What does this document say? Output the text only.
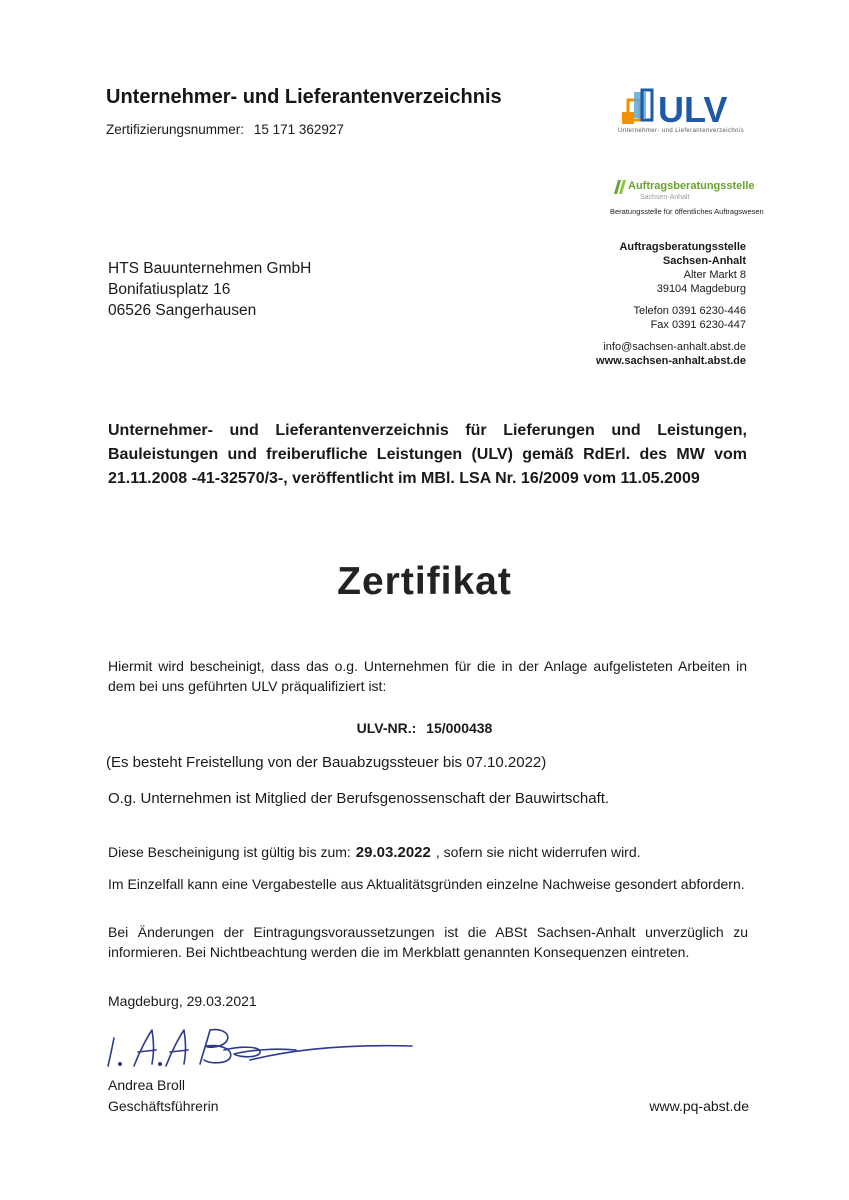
Unternehmer- und Lieferantenverzeichnis
Zertifizierungsnummer: 15 171 362927	ULV
Unternehmer- und Lieferantenverzeichnis
Auftragsberatungsstelle
Sachsen-Anhalt
Beratungsstelle für öffentliches Auftragswesen
Auftragsberatungsstelle
Sachsen-Anhalt
Alter Markt 8
39104 Magdeburg
Telefon 0391 6230-446
Fax 0391 6230-447
info@sachsen-anhalt.abst.de
www.sachsen-anhalt.abst.de
HTS Bauunternehmen GmbH
Bonifatiusplatz 16
06526 Sangerhausen
Unternehmer- und Lieferantenverzeichnis für Lieferungen und Leistungen, Bauleistungen und freiberufliche Leistungen (ULV) gemäß RdErl. des MW vom 21.11.2008 -41-32570/3-, veröffentlicht im MBl. LSA Nr. 16/2009 vom 11.05.2009
Zertifikat
Hiermit wird bescheinigt, dass das o.g. Unternehmen für die in der Anlage aufgelisteten Arbeiten in dem bei uns geführten ULV präqualifiziert ist:
ULV-NR.: 15/000438
(Es besteht Freistellung von der Bauabzugssteuer bis 07.10.2022)
O.g. Unternehmen ist Mitglied der Berufsgenossenschaft der Bauwirtschaft.
Diese Bescheinigung ist gültig bis zum: 29.03.2022 , sofern sie nicht widerrufen wird.
Im Einzelfall kann eine Vergabestelle aus Aktualitätsgründen einzelne Nachweise gesondert abfordern.
Bei Änderungen der Eintragungsvoraussetzungen ist die ABSt Sachsen-Anhalt unverzüglich zu informieren. Bei Nichtbeachtung werden die im Merkblatt genannten Konsequenzen eintreten.
Magdeburg, 29.03.2021
Andrea Broll
Geschäftsführerin	www.pq-abst.de
